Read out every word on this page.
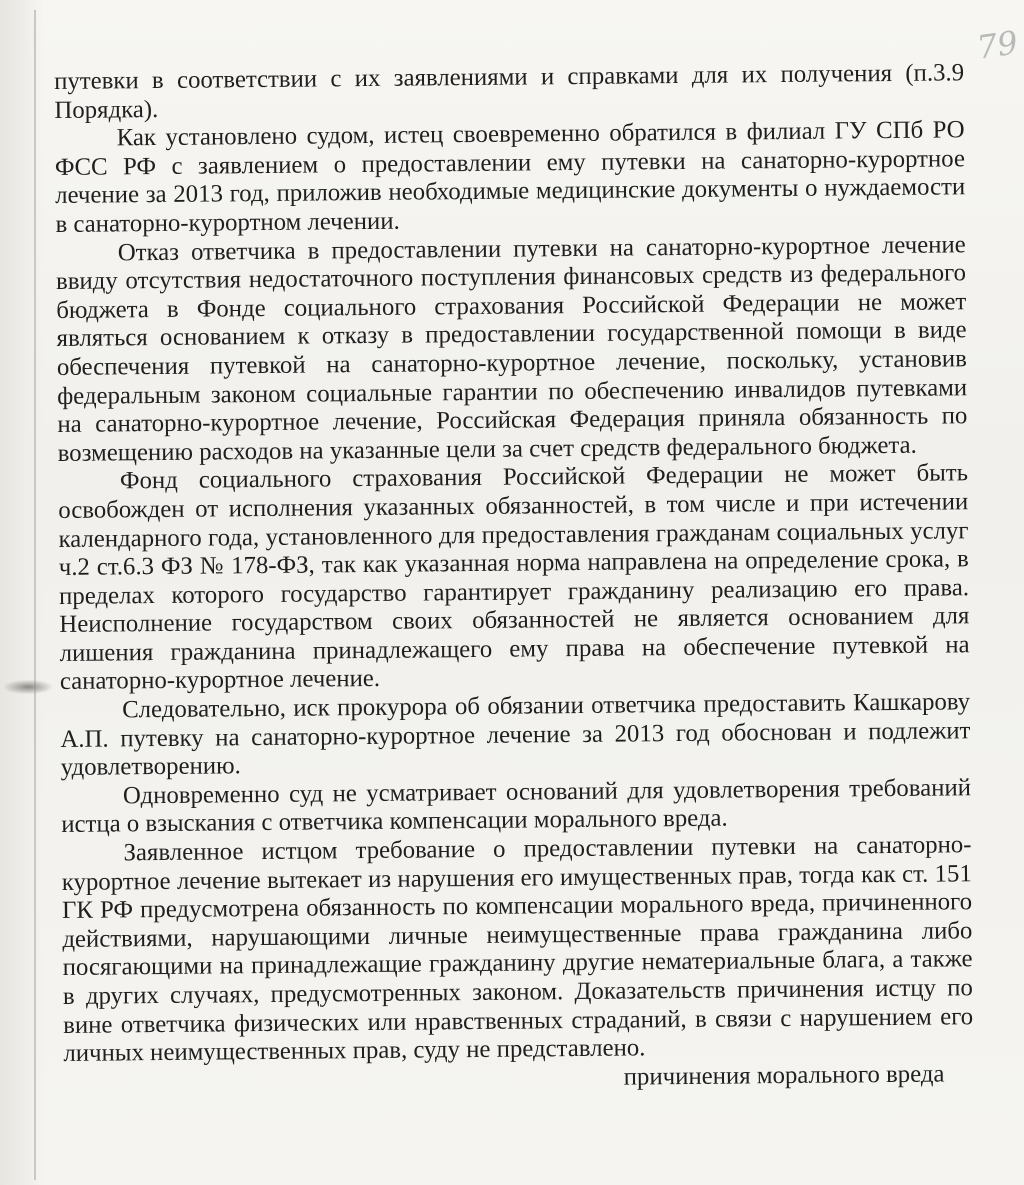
79

путевки в соответствии с их заявлениями и справками для их получения (п.3.9 Порядка).

Как установлено судом, истец своевременно обратился в филиал ГУ СПб РО ФСС РФ с заявлением о предоставлении ему путевки на санаторно-курортное лечение за 2013 год, приложив необходимые медицинские документы о нуждаемости в санаторно-курортном лечении.

Отказ ответчика в предоставлении путевки на санаторно-курортное лечение ввиду отсутствия недостаточного поступления финансовых средств из федерального бюджета в Фонде социального страхования Российской Федерации не может являться основанием к отказу в предоставлении государственной помощи в виде обеспечения путевкой на санаторно-курортное лечение, поскольку, установив федеральным законом социальные гарантии по обеспечению инвалидов путевками на санаторно-курортное лечение, Российская Федерация приняла обязанность по возмещению расходов на указанные цели за счет средств федерального бюджета.

Фонд социального страхования Российской Федерации не может быть освобожден от исполнения указанных обязанностей, в том числе и при истечении календарного года, установленного для предоставления гражданам социальных услуг ч.2 ст.6.3 ФЗ № 178-ФЗ, так как указанная норма направлена на определение срока, в пределах которого государство гарантирует гражданину реализацию его права. Неисполнение государством своих обязанностей не является основанием для лишения гражданина принадлежащего ему права на обеспечение путевкой на санаторно-курортное лечение.

Следовательно, иск прокурора об обязании ответчика предоставить Кашкарову А.П. путевку на санаторно-курортное лечение за 2013 год обоснован и подлежит удовлетворению.

Одновременно суд не усматривает оснований для удовлетворения требований истца о взыскания с ответчика компенсации морального вреда.

Заявленное истцом требование о предоставлении путевки на санаторно-курортное лечение вытекает из нарушения его имущественных прав, тогда как ст. 151 ГК РФ предусмотрена обязанность по компенсации морального вреда, причиненного действиями, нарушающими личные неимущественные права гражданина либо посягающими на принадлежащие гражданину другие нематериальные блага, а также в других случаях, предусмотренных законом. Доказательств причинения истцу по вине ответчика физических или нравственных страданий, в связи с нарушением его личных неимущественных прав, суду не представлено.

причинения морального вреда
